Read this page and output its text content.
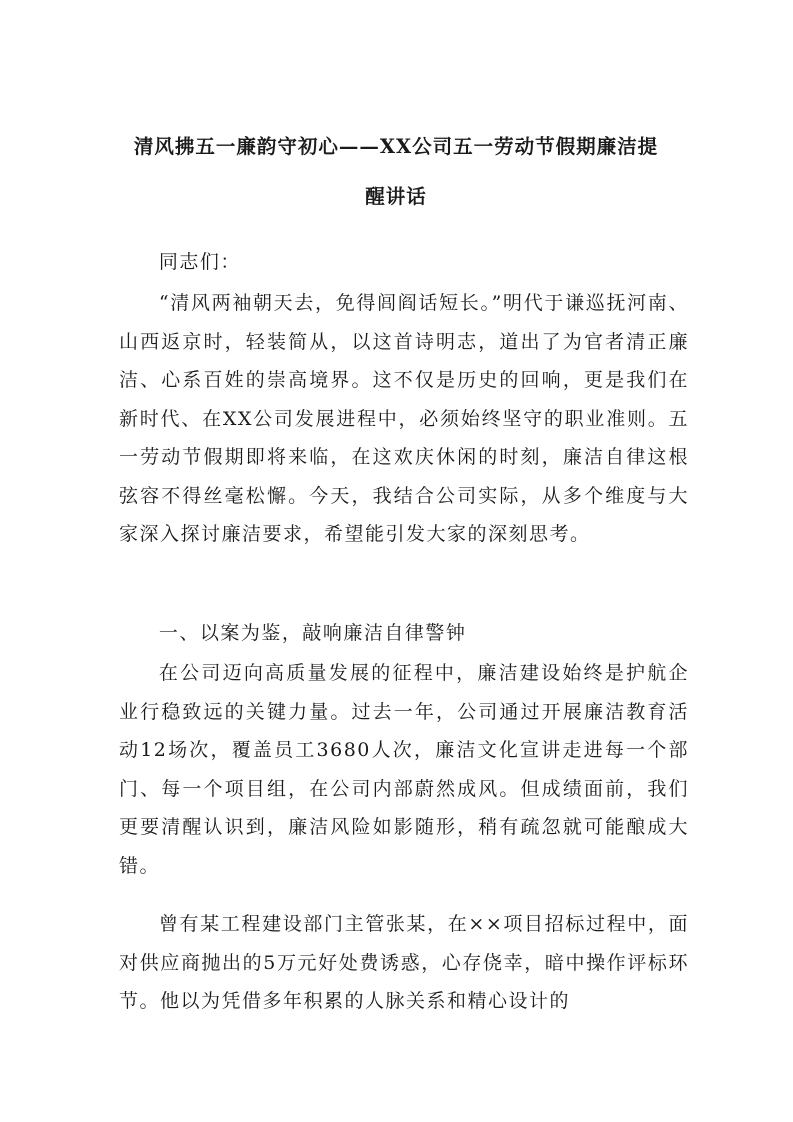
清风拂五一廉韵守初心——XX公司五一劳动节假期廉洁提
醒讲话

同志们：

“清风两袖朝天去，免得闾阎话短长。”明代于谦巡抚河南、山西返京时，轻装简从，以这首诗明志，道出了为官者清正廉洁、心系百姓的崇高境界。这不仅是历史的回响，更是我们在新时代、在XX公司发展进程中，必须始终坚守的职业准则。五一劳动节假期即将来临，在这欢庆休闲的时刻，廉洁自律这根弦容不得丝毫松懈。今天，我结合公司实际，从多个维度与大家深入探讨廉洁要求，希望能引发大家的深刻思考。

一、以案为鉴，敲响廉洁自律警钟

在公司迈向高质量发展的征程中，廉洁建设始终是护航企业行稳致远的关键力量。过去一年，公司通过开展廉洁教育活动12场次，覆盖员工3680人次，廉洁文化宣讲走进每一个部门、每一个项目组，在公司内部蔚然成风。但成绩面前，我们更要清醒认识到，廉洁风险如影随形，稍有疏忽就可能酿成大错。

曾有某工程建设部门主管张某，在××项目招标过程中，面对供应商抛出的5万元好处费诱惑，心存侥幸，暗中操作评标环节。他以为凭借多年积累的人脉关系和精心设计的
